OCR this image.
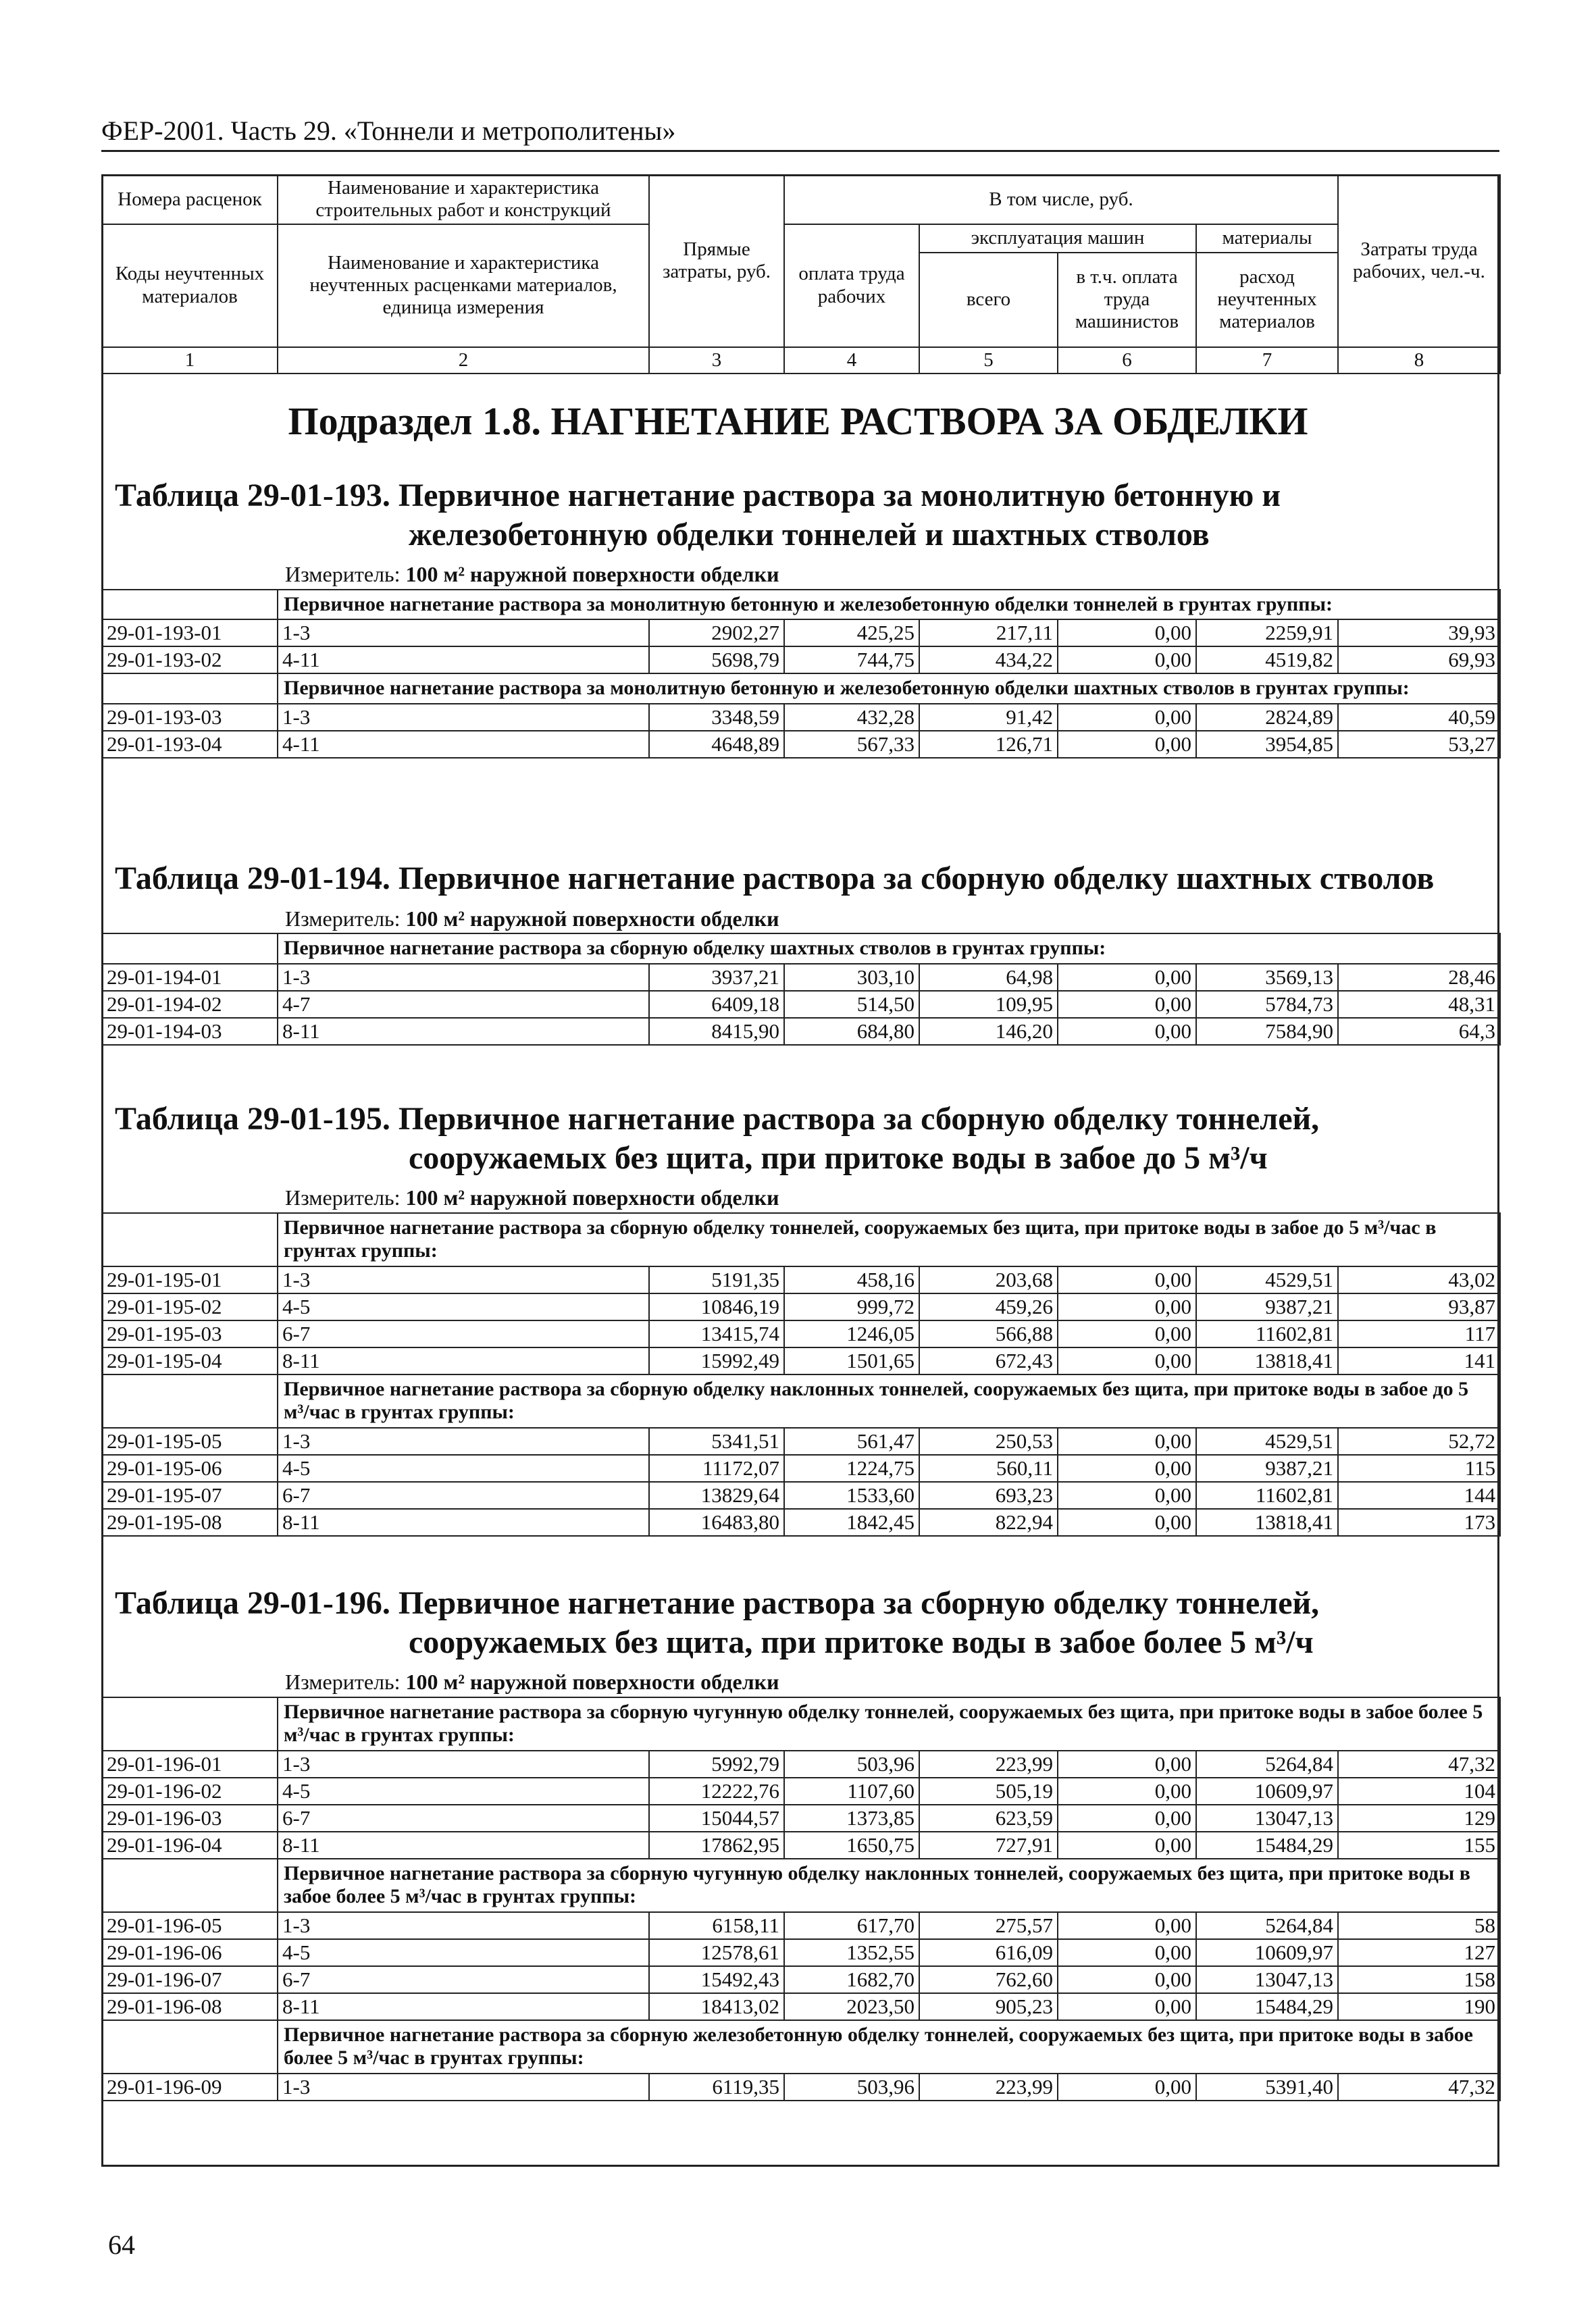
ФЕР-2001. Часть 29. «Тоннели и метрополитены»
Номера расценок	Наименование и характеристика строительных работ и конструкций	Прямые затраты, руб.	В том числе, руб.				Затраты труда рабочих, чел.-ч.
Коды неучтенных материалов	Наименование и характеристика неучтенных расценками материалов, единица измерения		оплата труда рабочих	эксплуатация машин		материалы	
				всего	в т.ч. оплата труда машинистов	расход неучтенных материалов	
1	2	3	4	5	6	7	8
Подраздел 1.8. НАГНЕТАНИЕ РАСТВОРА ЗА ОБДЕЛКИ
Таблица 29-01-193. Первичное нагнетание раствора за монолитную бетонную и
железобетонную обделки тоннелей и шахтных стволов
Измеритель: 100 м² наружной поверхности обделки
	Первичное нагнетание раствора за монолитную бетонную и железобетонную обделки тоннелей в грунтах группы:						
29-01-193-01	1-3	2902,27	425,25	217,11	0,00	2259,91	39,93
29-01-193-02	4-11	5698,79	744,75	434,22	0,00	4519,82	69,93
	Первичное нагнетание раствора за монолитную бетонную и железобетонную обделки шахтных стволов в грунтах группы:						
29-01-193-03	1-3	3348,59	432,28	91,42	0,00	2824,89	40,59
29-01-193-04	4-11	4648,89	567,33	126,71	0,00	3954,85	53,27
Таблица 29-01-194. Первичное нагнетание раствора за сборную обделку шахтных стволов
Измеритель: 100 м² наружной поверхности обделки
	Первичное нагнетание раствора за сборную обделку шахтных стволов в грунтах группы:						
29-01-194-01	1-3	3937,21	303,10	64,98	0,00	3569,13	28,46
29-01-194-02	4-7	6409,18	514,50	109,95	0,00	5784,73	48,31
29-01-194-03	8-11	8415,90	684,80	146,20	0,00	7584,90	64,3
Таблица 29-01-195. Первичное нагнетание раствора за сборную обделку тоннелей,
сооружаемых без щита, при притоке воды в забое до 5 м³/ч
Измеритель: 100 м² наружной поверхности обделки
	Первичное нагнетание раствора за сборную обделку тоннелей, сооружаемых без щита, при притоке воды в забое до 5 м³/час в грунтах группы:						
29-01-195-01	1-3	5191,35	458,16	203,68	0,00	4529,51	43,02
29-01-195-02	4-5	10846,19	999,72	459,26	0,00	9387,21	93,87
29-01-195-03	6-7	13415,74	1246,05	566,88	0,00	11602,81	117
29-01-195-04	8-11	15992,49	1501,65	672,43	0,00	13818,41	141
	Первичное нагнетание раствора за сборную обделку наклонных тоннелей, сооружаемых без щита, при притоке воды в забое до 5 м³/час в грунтах группы:						
29-01-195-05	1-3	5341,51	561,47	250,53	0,00	4529,51	52,72
29-01-195-06	4-5	11172,07	1224,75	560,11	0,00	9387,21	115
29-01-195-07	6-7	13829,64	1533,60	693,23	0,00	11602,81	144
29-01-195-08	8-11	16483,80	1842,45	822,94	0,00	13818,41	173
Таблица 29-01-196. Первичное нагнетание раствора за сборную обделку тоннелей,
сооружаемых без щита, при притоке воды в забое более 5 м³/ч
Измеритель: 100 м² наружной поверхности обделки
	Первичное нагнетание раствора за сборную чугунную обделку тоннелей, сооружаемых без щита, при притоке воды в забое более 5 м³/час в грунтах группы:						
29-01-196-01	1-3	5992,79	503,96	223,99	0,00	5264,84	47,32
29-01-196-02	4-5	12222,76	1107,60	505,19	0,00	10609,97	104
29-01-196-03	6-7	15044,57	1373,85	623,59	0,00	13047,13	129
29-01-196-04	8-11	17862,95	1650,75	727,91	0,00	15484,29	155
	Первичное нагнетание раствора за сборную чугунную обделку наклонных тоннелей, сооружаемых без щита, при притоке воды в забое более 5 м³/час в грунтах группы:						
29-01-196-05	1-3	6158,11	617,70	275,57	0,00	5264,84	58
29-01-196-06	4-5	12578,61	1352,55	616,09	0,00	10609,97	127
29-01-196-07	6-7	15492,43	1682,70	762,60	0,00	13047,13	158
29-01-196-08	8-11	18413,02	2023,50	905,23	0,00	15484,29	190
	Первичное нагнетание раствора за сборную железобетонную обделку тоннелей, сооружаемых без щита, при притоке воды в забое более 5 м³/час в грунтах группы:						
29-01-196-09	1-3	6119,35	503,96	223,99	0,00	5391,40	47,32
64
